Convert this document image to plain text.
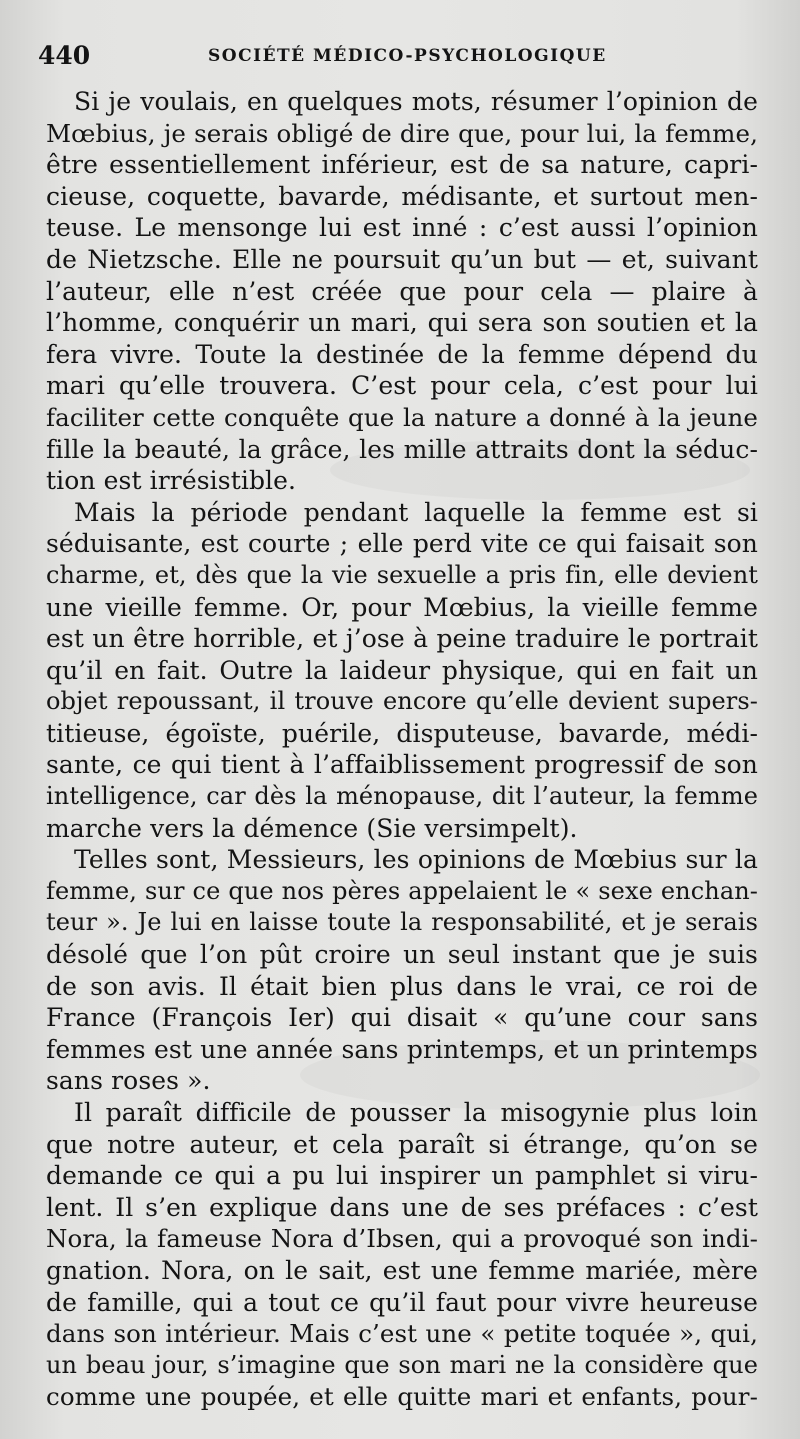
440	SOCIÉTÉ MÉDICO-PSYCHOLOGIQUE
Si je voulais, en quelques mots, résumer l’opinion de
Mœbius, je serais obligé de dire que, pour lui, la femme,
être essentiellement inférieur, est de sa nature, capri-
cieuse, coquette, bavarde, médisante, et surtout men-
teuse. Le mensonge lui est inné : c’est aussi l’opinion
de Nietzsche. Elle ne poursuit qu’un but — et, suivant
l’auteur, elle n’est créée que pour cela — plaire à
l’homme, conquérir un mari, qui sera son soutien et la
fera vivre. Toute la destinée de la femme dépend du
mari qu’elle trouvera. C’est pour cela, c’est pour lui
faciliter cette conquête que la nature a donné à la jeune
fille la beauté, la grâce, les mille attraits dont la séduc-
tion est irrésistible.
Mais la période pendant laquelle la femme est si
séduisante, est courte ; elle perd vite ce qui faisait son
charme, et, dès que la vie sexuelle a pris fin, elle devient
une vieille femme. Or, pour Mœbius, la vieille femme
est un être horrible, et j’ose à peine traduire le portrait
qu’il en fait. Outre la laideur physique, qui en fait un
objet repoussant, il trouve encore qu’elle devient supers-
titieuse, égoïste, puérile, disputeuse, bavarde, médi-
sante, ce qui tient à l’affaiblissement progressif de son
intelligence, car dès la ménopause, dit l’auteur, la femme
marche vers la démence (Sie versimpelt).
Telles sont, Messieurs, les opinions de Mœbius sur la
femme, sur ce que nos pères appelaient le « sexe enchan-
teur ». Je lui en laisse toute la responsabilité, et je serais
désolé que l’on pût croire un seul instant que je suis
de son avis. Il était bien plus dans le vrai, ce roi de
France (François Ier) qui disait « qu’une cour sans
femmes est une année sans printemps, et un printemps
sans roses ».
Il paraît difficile de pousser la misogynie plus loin
que notre auteur, et cela paraît si étrange, qu’on se
demande ce qui a pu lui inspirer un pamphlet si viru-
lent. Il s’en explique dans une de ses préfaces : c’est
Nora, la fameuse Nora d’Ibsen, qui a provoqué son indi-
gnation. Nora, on le sait, est une femme mariée, mère
de famille, qui a tout ce qu’il faut pour vivre heureuse
dans son intérieur. Mais c’est une « petite toquée », qui,
un beau jour, s’imagine que son mari ne la considère que
comme une poupée, et elle quitte mari et enfants, pour-
